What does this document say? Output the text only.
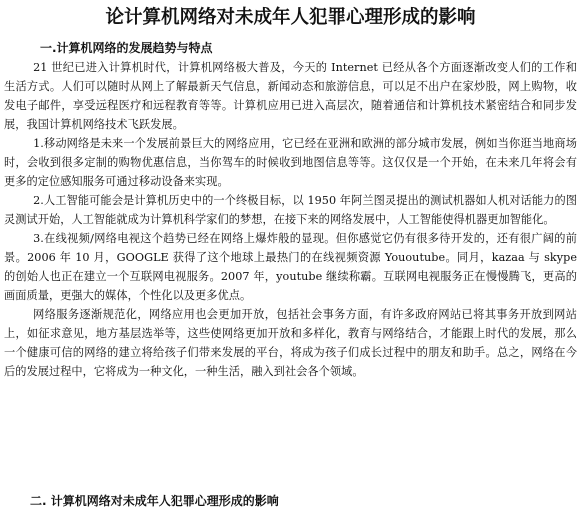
论计算机网络对未成年人犯罪心理形成的影响
一.计算机网络的发展趋势与特点

21 世纪已进入计算机时代，计算机网络极大普及，今天的 Internet 已经从各个方面逐渐改变人们的工作和生活方式。人们可以随时从网上了解最新天气信息，新闻动态和旅游信息，可以足不出户在家炒股，网上购物，收发电子邮件，享受远程医疗和远程教育等等。计算机应用已进入高层次，随着通信和计算机技术紧密结合和同步发展，我国计算机网络技术飞跃发展。

1.移动网络是未来一个发展前景巨大的网络应用，它已经在亚洲和欧洲的部分城市发展，例如当你逛当地商场时，会收到很多定制的购物优惠信息，当你驾车的时候收到地图信息等等。这仅仅是一个开始，在未来几年将会有更多的定位感知服务可通过移动设备来实现。

2.人工智能可能会是计算机历史中的一个终极目标，以 1950 年阿兰图灵提出的测试机器如人机对话能力的图灵测试开始，人工智能就成为计算机科学家们的梦想，在接下来的网络发展中，人工智能使得机器更加智能化。

3.在线视频/网络电视这个趋势已经在网络上爆炸般的显现。但你感觉它仍有很多待开发的，还有很广阔的前景。2006 年 10 月，GOOGLE 获得了这个地球上最热门的在线视频资源 Yououtube。同月，kazaa 与 skype 的创始人也正在建立一个互联网电视服务。2007 年，youtube 继续称霸。互联网电视服务正在慢慢腾飞，更高的画面质量，更强大的媒体，个性化以及更多优点。

网络服务逐渐规范化，网络应用也会更加开放，包括社会事务方面，有许多政府网站已将其事务开放到网站上，如征求意见，地方基层选举等，这些使网络更加开放和多样化，教育与网络结合，才能跟上时代的发展，那么一个健康可信的网络的建立将给孩子们带来发展的平台，将成为孩子们成长过程中的朋友和助手。总之，网络在今后的发展过程中，它将成为一种文化，一种生活，融入到社会各个领域。

二. 计算机网络对未成年人犯罪心理形成的影响
